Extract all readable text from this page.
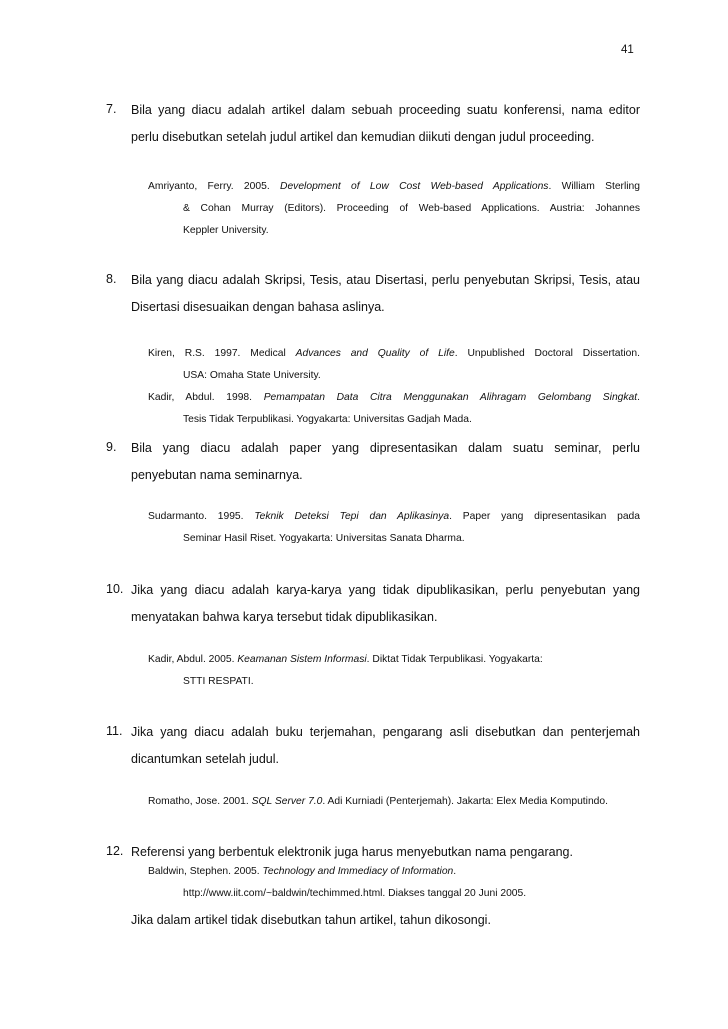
41
7. Bila yang diacu adalah artikel dalam sebuah proceeding suatu konferensi, nama editor
perlu disebutkan setelah judul artikel dan kemudian diikuti dengan judul proceeding.
Amriyanto, Ferry. 2005. Development of Low Cost Web-based Applications. William Sterling
& Cohan Murray (Editors). Proceeding of Web-based Applications. Austria: Johannes
Keppler University.
8. Bila yang diacu adalah Skripsi, Tesis, atau Disertasi, perlu penyebutan Skripsi, Tesis, atau
Disertasi disesuaikan dengan bahasa aslinya.
Kiren, R.S. 1997. Medical Advances and Quality of Life. Unpublished Doctoral Dissertation.
USA: Omaha State University.
Kadir, Abdul. 1998. Pemampatan Data Citra Menggunakan Alihragam Gelombang Singkat.
Tesis Tidak Terpublikasi. Yogyakarta: Universitas Gadjah Mada.
9. Bila yang diacu adalah paper yang dipresentasikan dalam suatu seminar, perlu
penyebutan nama seminarnya.
Sudarmanto. 1995. Teknik Deteksi Tepi dan Aplikasinya. Paper yang dipresentasikan pada
Seminar Hasil Riset. Yogyakarta: Universitas Sanata Dharma.
10. Jika yang diacu adalah karya-karya yang tidak dipublikasikan, perlu penyebutan yang
menyatakan bahwa karya tersebut tidak dipublikasikan.
Kadir, Abdul. 2005. Keamanan Sistem Informasi. Diktat Tidak Terpublikasi. Yogyakarta:
STTI RESPATI.
11. Jika yang diacu adalah buku terjemahan, pengarang asli disebutkan dan penterjemah
dicantumkan setelah judul.
Romatho, Jose. 2001. SQL Server 7.0. Adi Kurniadi (Penterjemah). Jakarta: Elex Media Komputindo.
12. Referensi yang berbentuk elektronik juga harus menyebutkan nama pengarang.
Baldwin, Stephen. 2005. Technology and Immediacy of Information.
http://www.iit.com/~baldwin/techimmed.html. Diakses tanggal 20 Juni 2005.
Jika dalam artikel tidak disebutkan tahun artikel, tahun dikosongi.
